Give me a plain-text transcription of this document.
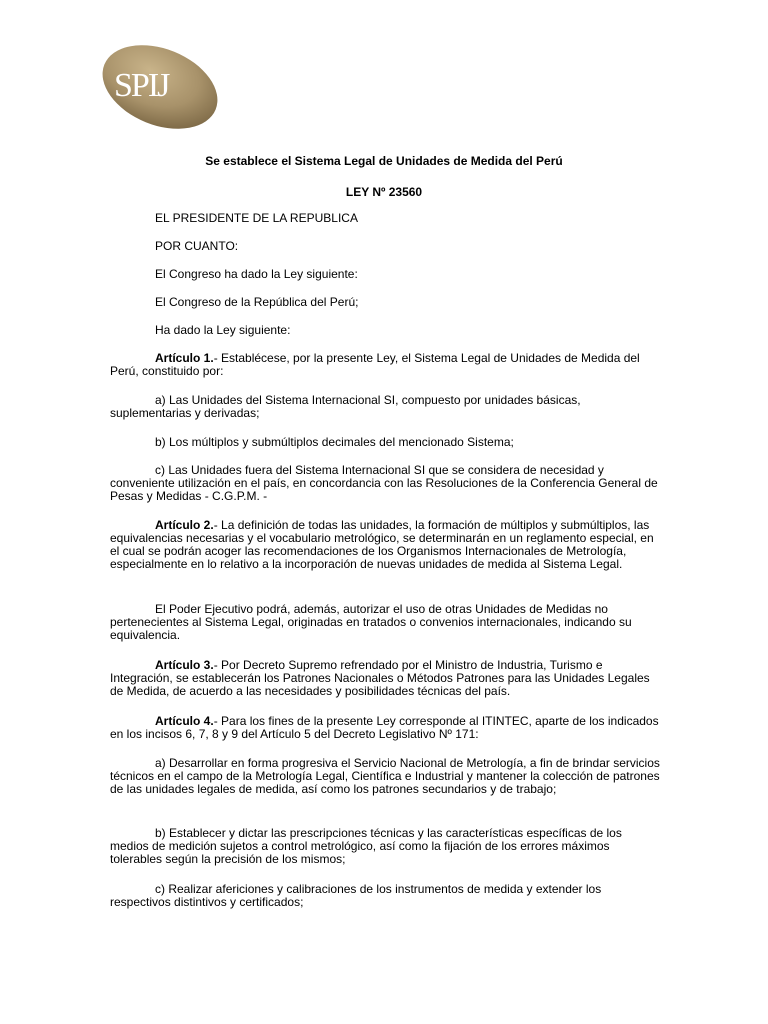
SPIJ
Se establece el Sistema Legal de Unidades de Medida del Perú
LEY Nº 23560
EL PRESIDENTE DE LA REPUBLICA
POR CUANTO:
El Congreso ha dado la Ley siguiente:
El Congreso de la República del Perú;
Ha dado la Ley siguiente:

Artículo 1.- Establécese, por la presente Ley, el Sistema Legal de Unidades de Medida del Perú, constituido por:

a) Las Unidades del Sistema Internacional SI, compuesto por unidades básicas, suplementarias y derivadas;

b) Los múltiplos y submúltiplos decimales del mencionado Sistema;

c) Las Unidades fuera del Sistema Internacional SI que se considera de necesidad y conveniente utilización en el país, en concordancia con las Resoluciones de la Conferencia General de Pesas y Medidas - C.G.P.M. -

Artículo 2.- La definición de todas las unidades, la formación de múltiplos y submúltiplos, las equivalencias necesarias y el vocabulario metrológico, se determinarán en un reglamento especial, en el cual se podrán acoger las recomendaciones de los Organismos Internacionales de Metrología, especialmente en lo relativo a la incorporación de nuevas unidades de medida al Sistema Legal.

El Poder Ejecutivo podrá, además, autorizar el uso de otras Unidades de Medidas no pertenecientes al Sistema Legal, originadas en tratados o convenios internacionales, indicando su equivalencia.

Artículo 3.- Por Decreto Supremo refrendado por el Ministro de Industria, Turismo e Integración, se establecerán los Patrones Nacionales o Métodos Patrones para las Unidades Legales de Medida, de acuerdo a las necesidades y posibilidades técnicas del país.

Artículo 4.- Para los fines de la presente Ley corresponde al ITINTEC, aparte de los indicados en los incisos 6, 7, 8 y 9 del Artículo 5 del Decreto Legislativo Nº 171:

a) Desarrollar en forma progresiva el Servicio Nacional de Metrología, a fin de brindar servicios técnicos en el campo de la Metrología Legal, Científica e Industrial y mantener la colección de patrones de las unidades legales de medida, así como los patrones secundarios y de trabajo;

b) Establecer y dictar las prescripciones técnicas y las características específicas de los medios de medición sujetos a control metrológico, así como la fijación de los errores máximos tolerables según la precisión de los mismos;

c) Realizar afericiones y calibraciones de los instrumentos de medida y extender los respectivos distintivos y certificados;
